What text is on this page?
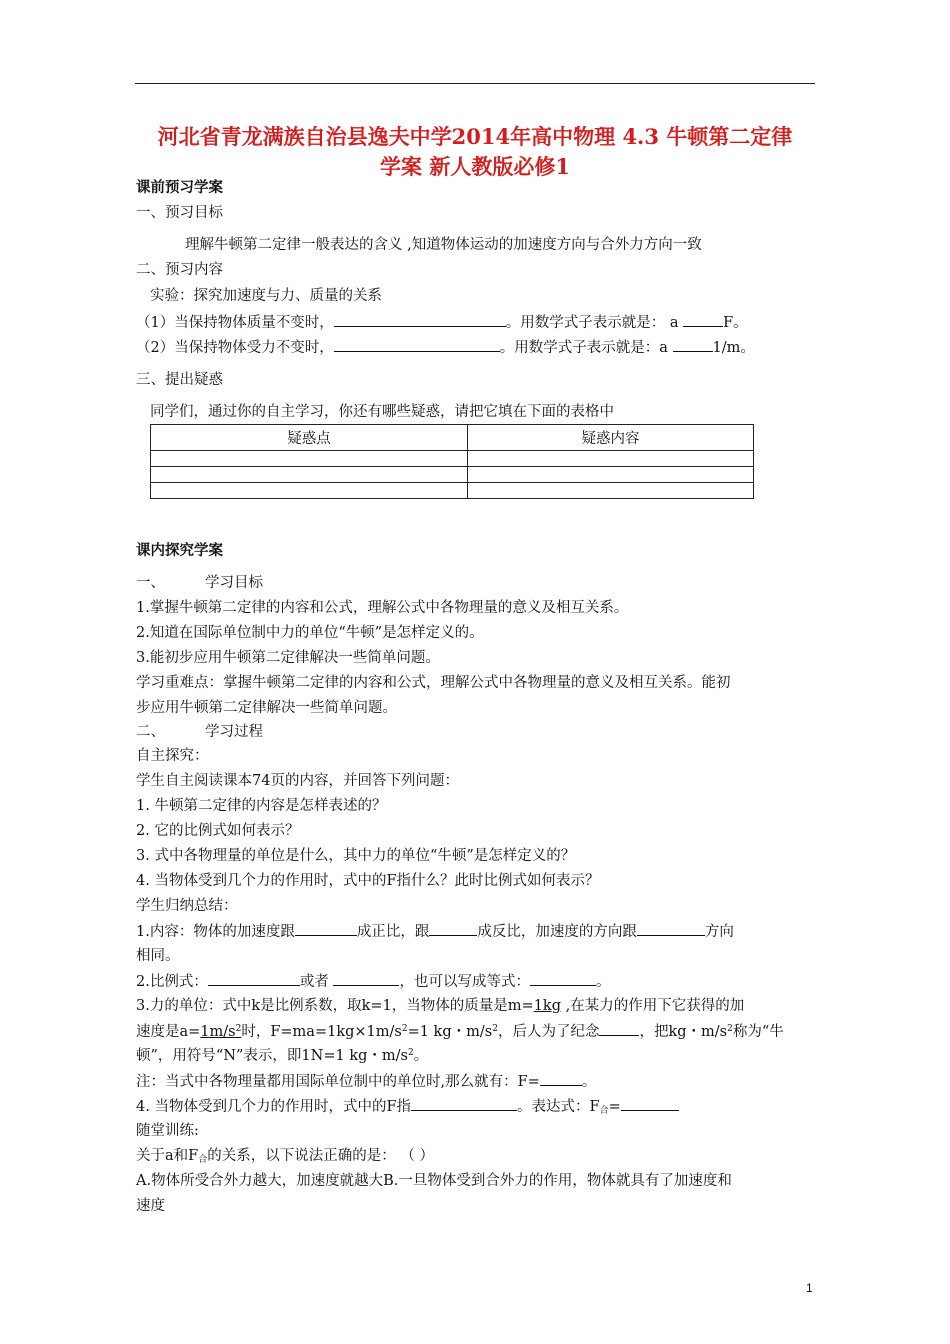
河北省青龙满族自治县逸夫中学2014年高中物理 4.3 牛顿第二定律
学案 新人教版必修1
课前预习学案
一、预习目标
理解牛顿第二定律一般表达的含义 ,知道物体运动的加速度方向与合外力方向一致
二、预习内容
实验：探究加速度与力、质量的关系
（1）当保持物体质量不变时，	。用数学式子表示就是： a	F。
（2）当保持物体受力不变时，	。用数学式子表示就是：a	1/m。
三、提出疑惑
同学们，通过你的自主学习，你还有哪些疑惑，请把它填在下面的表格中
疑惑点	疑惑内容

课内探究学案
一、	学习目标
1.掌握牛顿第二定律的内容和公式，理解公式中各物理量的意义及相互关系。
2.知道在国际单位制中力的单位“牛顿”是怎样定义的。
3.能初步应用牛顿第二定律解决一些简单问题。
学习重难点：掌握牛顿第二定律的内容和公式，理解公式中各物理量的意义及相互关系。能初
步应用牛顿第二定律解决一些简单问题。
二、	学习过程
自主探究：
学生自主阅读课本74页的内容，并回答下列问题：
1. 牛顿第二定律的内容是怎样表述的？
2. 它的比例式如何表示？
3. 式中各物理量的单位是什么，其中力的单位“牛顿”是怎样定义的？
4. 当物体受到几个力的作用时，式中的F指什么？此时比例式如何表示？
学生归纳总结：
1.内容：物体的加速度跟	成正比，跟	成反比，加速度的方向跟	方向
相同。
2.比例式：	或者	，也可以写成等式：	。
3.力的单位：式中k是比例系数，取k=1，当物体的质量是m=1kg ,在某力的作用下它获得的加
速度是$a=1m/s^2$时，$F=ma=1kg\times 1m/s^2=1$ kg・$m/s^2$，后人为了纪念	，把kg・$m/s^2$称为“牛
顿”，用符号“N”表示，即1N=1 kg・$m/s^2$。
注：当式中各物理量都用国际单位制中的单位时,那么就有：F=	。
4. 当物体受到几个力的作用时，式中的F指	。表达式：$F_合=$
随堂训练:
关于a和$F_合$的关系，以下说法正确的是： （ ）
A.物体所受合外力越大，加速度就越大B.一旦物体受到合外力的作用，物体就具有了加速度和
速度
1
